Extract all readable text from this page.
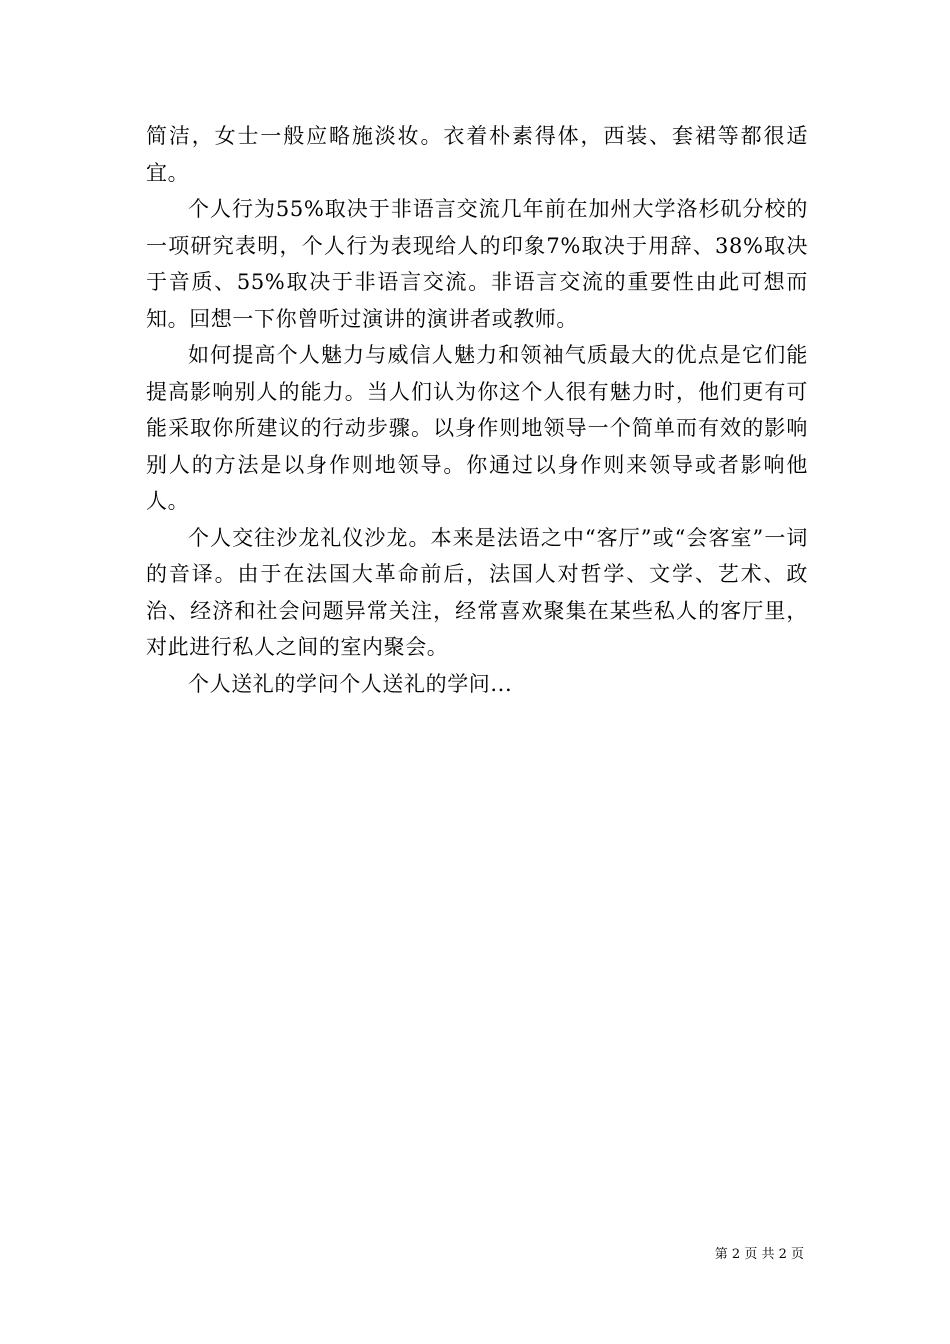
简洁，女士一般应略施淡妆。衣着朴素得体，西装、套裙等都很适宜。

个人行为55%取决于非语言交流几年前在加州大学洛杉矶分校的一项研究表明，个人行为表现给人的印象7%取决于用辞、38%取决于音质、55%取决于非语言交流。非语言交流的重要性由此可想而知。回想一下你曾听过演讲的演讲者或教师。

如何提高个人魅力与威信人魅力和领袖气质最大的优点是它们能提高影响别人的能力。当人们认为你这个人很有魅力时，他们更有可能采取你所建议的行动步骤。以身作则地领导一个简单而有效的影响别人的方法是以身作则地领导。你通过以身作则来领导或者影响他人。

个人交往沙龙礼仪沙龙。本来是法语之中“客厅”或“会客室”一词的音译。由于在法国大革命前后，法国人对哲学、文学、艺术、政治、经济和社会问题异常关注，经常喜欢聚集在某些私人的客厅里，对此进行私人之间的室内聚会。

个人送礼的学问个人送礼的学问...

第 2 页 共 2 页
